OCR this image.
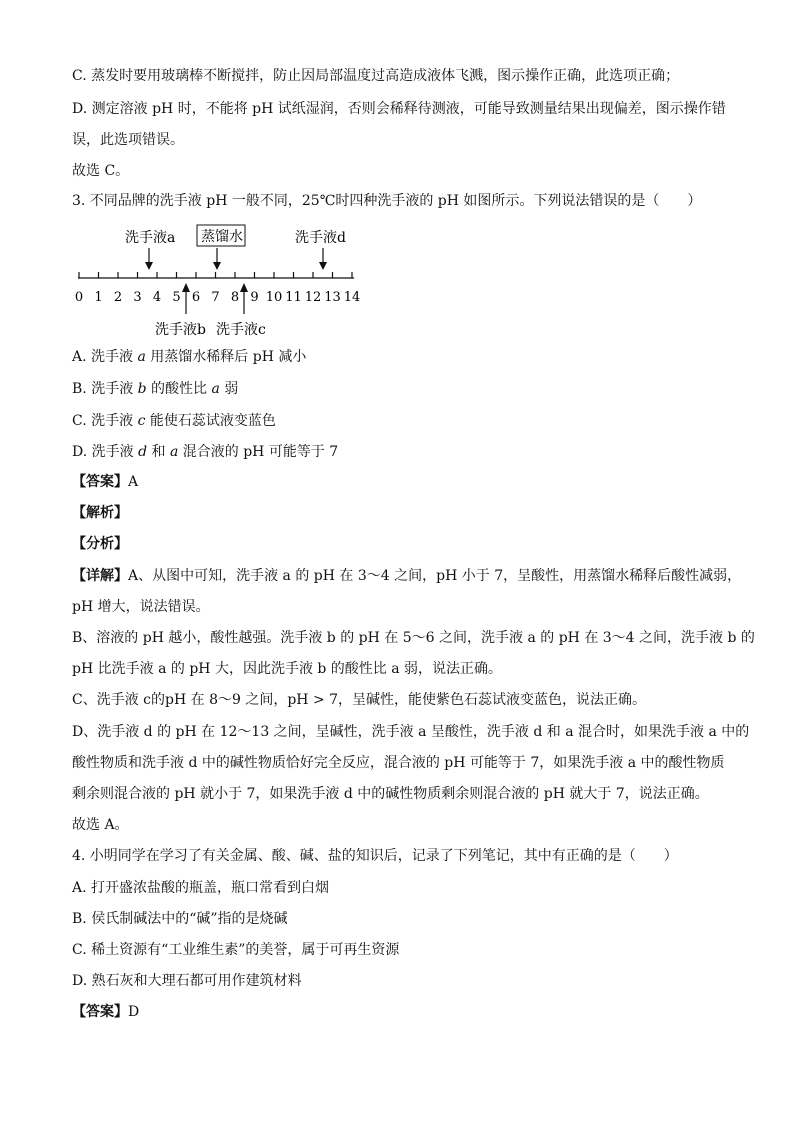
C. 蒸发时要用玻璃棒不断搅拌，防止因局部温度过高造成液体飞溅，图示操作正确，此选项正确；
D. 测定溶液 pH 时，不能将 pH 试纸湿润，否则会稀释待测液，可能导致测量结果出现偏差，图示操作错
误，此选项错误。
故选 C。
3. 不同品牌的洗手液 pH 一般不同，25℃时四种洗手液的 pH 如图所示。下列说法错误的是（　　）
洗手液a 蒸馏水	洗手液d
0 1 2 3 4 5 6 7 8 9 10 11 12 13 14
洗手液b 洗手液c
A. 洗手液 a 用蒸馏水稀释后 pH 减小
B. 洗手液 b 的酸性比 a 弱
C. 洗手液 c 能使石蕊试液变蓝色
D. 洗手液 d 和 a 混合液的 pH 可能等于 7
【答案】A
【解析】
【分析】
【详解】A、从图中可知，洗手液 a 的 pH 在 3～4 之间，pH 小于 7，呈酸性，用蒸馏水稀释后酸性减弱，
pH 增大，说法错误。
B、溶液的 pH 越小，酸性越强。洗手液 b 的 pH 在 5～6 之间，洗手液 a 的 pH 在 3～4 之间，洗手液 b 的
pH 比洗手液 a 的 pH 大，因此洗手液 b 的酸性比 a 弱，说法正确。
C、洗手液 c的pH 在 8～9 之间，pH > 7，呈碱性，能使紫色石蕊试液变蓝色，说法正确。
D、洗手液 d 的 pH 在 12～13 之间，呈碱性，洗手液 a 呈酸性，洗手液 d 和 a 混合时，如果洗手液 a 中的
酸性物质和洗手液 d 中的碱性物质恰好完全反应，混合液的 pH 可能等于 7，如果洗手液 a 中的酸性物质
剩余则混合液的 pH 就小于 7，如果洗手液 d 中的碱性物质剩余则混合液的 pH 就大于 7，说法正确。
故选 A。
4. 小明同学在学习了有关金属、酸、碱、盐的知识后，记录了下列笔记，其中有正确的是（　　）
A. 打开盛浓盐酸的瓶盖，瓶口常看到白烟
B. 侯氏制碱法中的“碱”指的是烧碱
C. 稀土资源有“工业维生素”的美誉，属于可再生资源
D. 熟石灰和大理石都可用作建筑材料
【答案】D
